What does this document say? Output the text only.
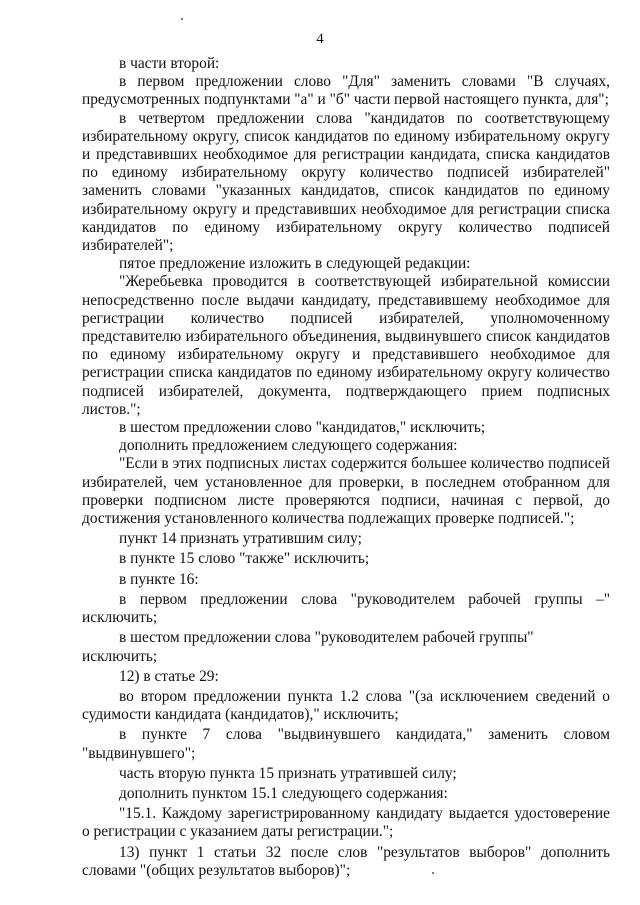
4

в части второй:

в первом предложении слово "Для" заменить словами "В случаях, предусмотренных подпунктами "а" и "б" части первой настоящего пункта, для";

в четвертом предложении слова "кандидатов по соответствующему избирательному округу, список кандидатов по единому избирательному округу и представивших необходимое для регистрации кандидата, списка кандидатов по единому избирательному округу количество подписей избирателей" заменить словами "указанных кандидатов, список кандидатов по единому избирательному округу и представивших необходимое для регистрации списка кандидатов по единому избирательному округу количество подписей избирателей";

пятое предложение изложить в следующей редакции:

"Жеребьевка проводится в соответствующей избирательной комиссии непосредственно после выдачи кандидату, представившему необходимое для регистрации количество подписей избирателей, уполномоченному представителю избирательного объединения, выдвинувшего список кандидатов по единому избирательному округу и представившего необходимое для регистрации списка кандидатов по единому избирательному округу количество подписей избирателей, документа, подтверждающего прием подписных листов.";

в шестом предложении слово "кандидатов," исключить;

дополнить предложением следующего содержания:

"Если в этих подписных листах содержится большее количество подписей избирателей, чем установленное для проверки, в последнем отобранном для проверки подписном листе проверяются подписи, начиная с первой, до достижения установленного количества подлежащих проверке подписей.";

пункт 14 признать утратившим силу;

в пункте 15 слово "также" исключить;

в пункте 16:

в первом предложении слова "руководителем рабочей группы –" исключить;

в шестом предложении слова "руководителем рабочей группы" исключить;

12) в статье 29:

во втором предложении пункта 1.2 слова "(за исключением сведений о судимости кандидата (кандидатов)," исключить;

в пункте 7 слова "выдвинувшего кандидата," заменить словом "выдвинувшего";

часть вторую пункта 15 признать утратившей силу;

дополнить пунктом 15.1 следующего содержания:

"15.1. Каждому зарегистрированному кандидату выдается удостоверение о регистрации с указанием даты регистрации.";

13) пункт 1 статьи 32 после слов "результатов выборов" дополнить словами "(общих результатов выборов)";
